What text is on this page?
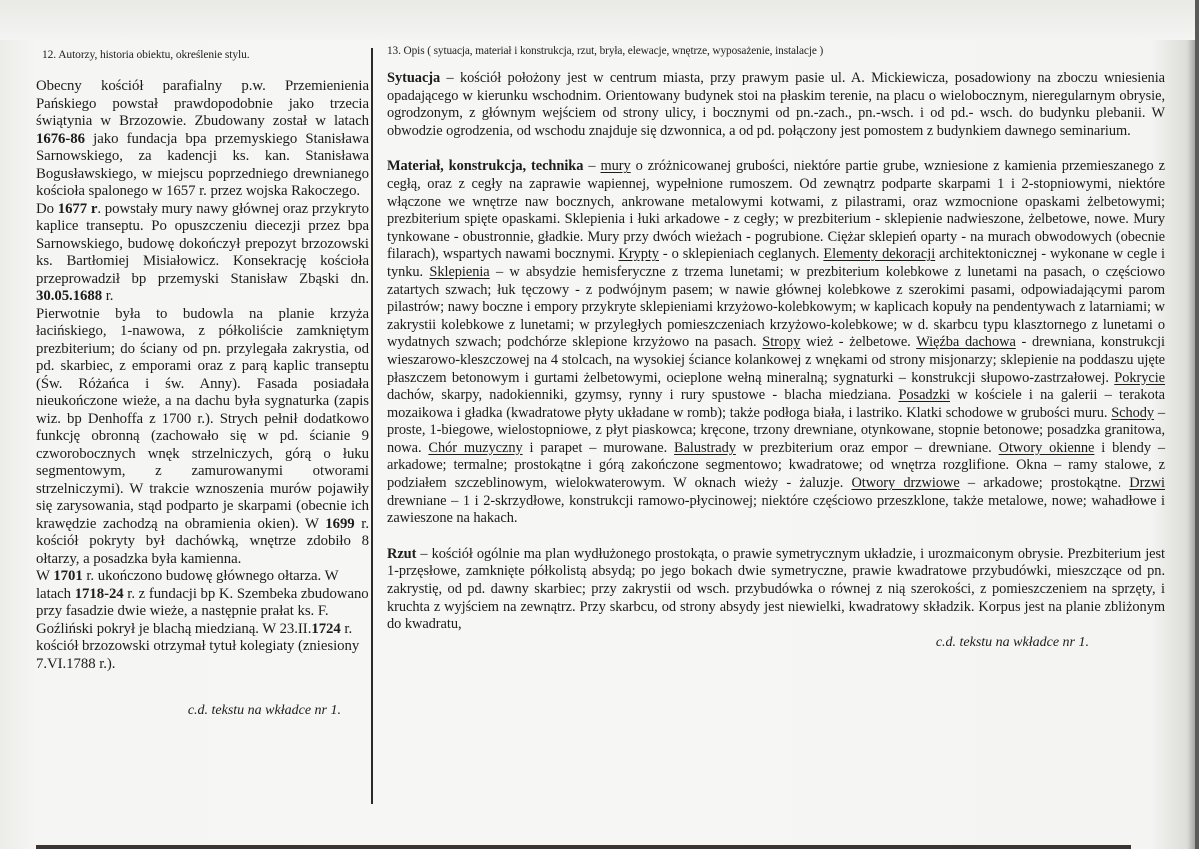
12. Autorzy, historia obiektu, określenie stylu.

Obecny kościół parafialny p.w. Przemienienia Pańskiego powstał prawdopodobnie jako trzecia świątynia w Brzozowie. Zbudowany został w latach 1676-86 jako fundacja bpa przemyskiego Stanisława Sarnowskiego, za kadencji ks. kan. Stanisława Bogusławskiego, w miejscu poprzedniego drewnianego kościoła spalonego w 1657 r. przez wojska Rakoczego.

Do 1677 r. powstały mury nawy głównej oraz przykryto kaplice transeptu. Po opuszczeniu diecezji przez bpa Sarnowskiego, budowę dokończył prepozyt brzozowski ks. Bartłomiej Misiałowicz. Konsekrację kościoła przeprowadził bp przemyski Stanisław Zbąski dn. 30.05.1688 r.

Pierwotnie była to budowla na planie krzyża łacińskiego, 1-nawowa, z półkoliście zamkniętym prezbiterium; do ściany od pn. przylegała zakrystia, od pd. skarbiec, z emporami oraz z parą kaplic transeptu (Św. Różańca i św. Anny). Fasada posiadała nieukończone wieże, a na dachu była sygnaturka (zapis wiz. bp Denhoffa z 1700 r.). Strych pełnił dodatkowo funkcję obronną (zachowało się w pd. ścianie 9 czworobocznych wnęk strzelniczych, górą o łuku segmentowym, z zamurowanymi otworami strzelniczymi). W trakcie wznoszenia murów pojawiły się zarysowania, stąd podparto je skarpami (obecnie ich krawędzie zachodzą na obramienia okien). W 1699 r. kościół pokryty był dachówką, wnętrze zdobiło 8 ołtarzy, a posadzka była kamienna.

W 1701 r. ukończono budowę głównego ołtarza. W latach 1718-24 r. z fundacji bp K. Szembeka zbudowano przy fasadzie dwie wieże, a następnie prałat ks. F. Goźliński pokrył je blachą miedzianą. W 23.II.1724 r. kościół brzozowski otrzymał tytuł kolegiaty (zniesiony 7.VI.1788 r.).

c.d. tekstu na wkładce nr 1.

13. Opis ( sytuacja, materiał i konstrukcja, rzut, bryła, elewacje, wnętrze, wyposażenie, instalacje )

Sytuacja – kościół położony jest w centrum miasta, przy prawym pasie ul. A. Mickiewicza, posadowiony na zboczu wniesienia opadającego w kierunku wschodnim. Orientowany budynek stoi na płaskim terenie, na placu o wielobocznym, nieregularnym obrysie, ogrodzonym, z głównym wejściem od strony ulicy, i bocznymi od pn.-zach., pn.-wsch. i od pd.- wsch. do budynku plebanii. W obwodzie ogrodzenia, od wschodu znajduje się dzwonnica, a od pd. połączony jest pomostem z budynkiem dawnego seminarium.

Materiał, konstrukcja, technika – mury o zróżnicowanej grubości, niektóre partie grube, wzniesione z kamienia przemieszanego z cegłą, oraz z cegły na zaprawie wapiennej, wypełnione rumoszem. Od zewnątrz podparte skarpami 1 i 2-stopniowymi, niektóre włączone we wnętrze naw bocznych, ankrowane metalowymi kotwami, z pilastrami, oraz wzmocnione opaskami żelbetowymi; prezbiterium spięte opaskami. Sklepienia i łuki arkadowe - z cegły; w prezbiterium - sklepienie nadwieszone, żelbetowe, nowe. Mury tynkowane - obustronnie, gładkie. Mury przy dwóch wieżach - pogrubione. Ciężar sklepień oparty - na murach obwodowych (obecnie filarach), wspartych nawami bocznymi. Krypty - o sklepieniach ceglanych. Elementy dekoracji architektonicznej - wykonane w cegle i tynku. Sklepienia – w absydzie hemisferyczne z trzema lunetami; w prezbiterium kolebkowe z lunetami na pasach, o częściowo zatartych szwach; łuk tęczowy - z podwójnym pasem; w nawie głównej kolebkowe z szerokimi pasami, odpowiadającymi parom pilastrów; nawy boczne i empory przykryte sklepieniami krzyżowo-kolebkowym; w kaplicach kopuły na pendentywach z latarniami; w zakrystii kolebkowe z lunetami; w przyległych pomieszczeniach krzyżowo-kolebkowe; w d. skarbcu typu klasztornego z lunetami o wydatnych szwach; podchórze sklepione krzyżowo na pasach. Stropy wież - żelbetowe. Więźba dachowa - drewniana, konstrukcji wieszarowo-kleszczowej na 4 stolcach, na wysokiej ściance kolankowej z wnękami od strony misjonarzy; sklepienie na poddaszu ujęte płaszczem betonowym i gurtami żelbetowymi, ocieplone wełną mineralną; sygnaturki – konstrukcji słupowo-zastrzałowej. Pokrycie dachów, skarpy, nadokienniki, gzymsy, rynny i rury spustowe - blacha miedziana. Posadzki w kościele i na galerii – terakota mozaikowa i gładka (kwadratowe płyty układane w romb); także podłoga biała, i lastriko. Klatki schodowe w grubości muru. Schody – proste, 1-biegowe, wielostopniowe, z płyt piaskowca; kręcone, trzony drewniane, otynkowane, stopnie betonowe; posadzka granitowa, nowa. Chór muzyczny i parapet – murowane. Balustrady w prezbiterium oraz empor – drewniane. Otwory okienne i blendy – arkadowe; termalne; prostokątne i górą zakończone segmentowo; kwadratowe; od wnętrza rozglifione. Okna – ramy stalowe, z podziałem szczeblinowym, wielokwaterowym. W oknach wieży - żaluzje. Otwory drzwiowe – arkadowe; prostokątne. Drzwi drewniane – 1 i 2-skrzydłowe, konstrukcji ramowo-płycinowej; niektóre częściowo przeszklone, także metalowe, nowe; wahadłowe i zawieszone na hakach.

Rzut – kościół ogólnie ma plan wydłużonego prostokąta, o prawie symetrycznym układzie, i urozmaiconym obrysie. Prezbiterium jest 1-przęsłowe, zamknięte półkolistą absydą; po jego bokach dwie symetryczne, prawie kwadratowe przybudówki, mieszczące od pn. zakrystię, od pd. dawny skarbiec; przy zakrystii od wsch. przybudówka o równej z nią szerokości, z pomieszczeniem na sprzęty, i kruchta z wyjściem na zewnątrz. Przy skarbcu, od strony absydy jest niewielki, kwadratowy składzik. Korpus jest na planie zbliżonym do kwadratu,

c.d. tekstu na wkładce nr 1.
